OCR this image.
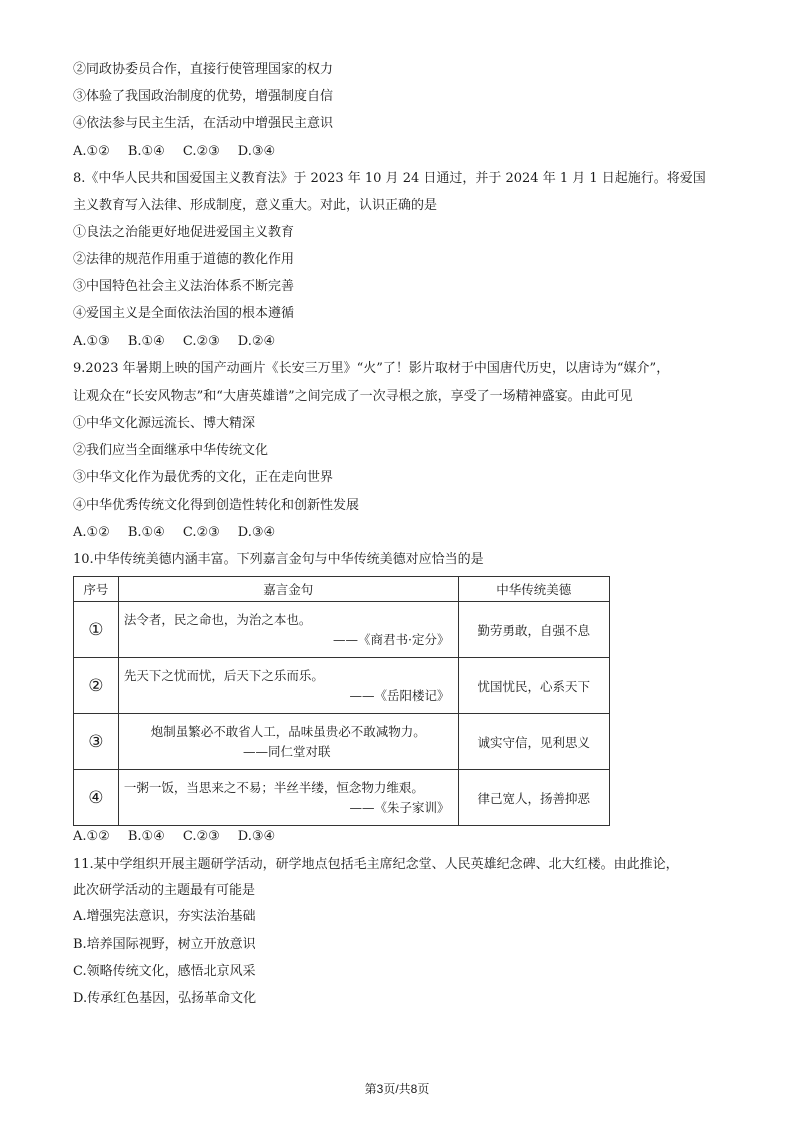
②同政协委员合作，直接行使管理国家的权力
③体验了我国政治制度的优势，增强制度自信
④依法参与民主生活，在活动中增强民主意识
A.①② B.①④ C.②③ D.③④
8.《中华人民共和国爱国主义教育法》于 2023 年 10 月 24 日通过，并于 2024 年 1 月 1 日起施行。将爱国
主义教育写入法律、形成制度，意义重大。对此，认识正确的是
①良法之治能更好地促进爱国主义教育
②法律的规范作用重于道德的教化作用
③中国特色社会主义法治体系不断完善
④爱国主义是全面依法治国的根本遵循
A.①③ B.①④ C.②③ D.②④
9.2023 年暑期上映的国产动画片《长安三万里》“火”了！影片取材于中国唐代历史，以唐诗为“媒介”，
让观众在“长安风物志”和“大唐英雄谱”之间完成了一次寻根之旅，享受了一场精神盛宴。由此可见
①中华文化源远流长、博大精深
②我们应当全面继承中华传统文化
③中华文化作为最优秀的文化，正在走向世界
④中华优秀传统文化得到创造性转化和创新性发展
A.①② B.①④ C.②③ D.③④
10.中华传统美德内涵丰富。下列嘉言金句与中华传统美德对应恰当的是
序号	嘉言金句	中华传统美德
①	法令者，民之命也，为治之本也。
——《商君书·定分》	勤劳勇敢，自强不息
②	先天下之忧而忧，后天下之乐而乐。
——《岳阳楼记》	忧国忧民，心系天下
③	炮制虽繁必不敢省人工，品味虽贵必不敢减物力。
——同仁堂对联	诚实守信，见利思义
④	一粥一饭，当思来之不易；半丝半缕，恒念物力维艰。
——《朱子家训》	律己宽人，扬善抑恶
A.①② B.①④ C.②③ D.③④
11.某中学组织开展主题研学活动，研学地点包括毛主席纪念堂、人民英雄纪念碑、北大红楼。由此推论，
此次研学活动的主题最有可能是
A.增强宪法意识，夯实法治基础
B.培养国际视野，树立开放意识
C.领略传统文化，感悟北京风采
D.传承红色基因，弘扬革命文化
第3页/共8页
